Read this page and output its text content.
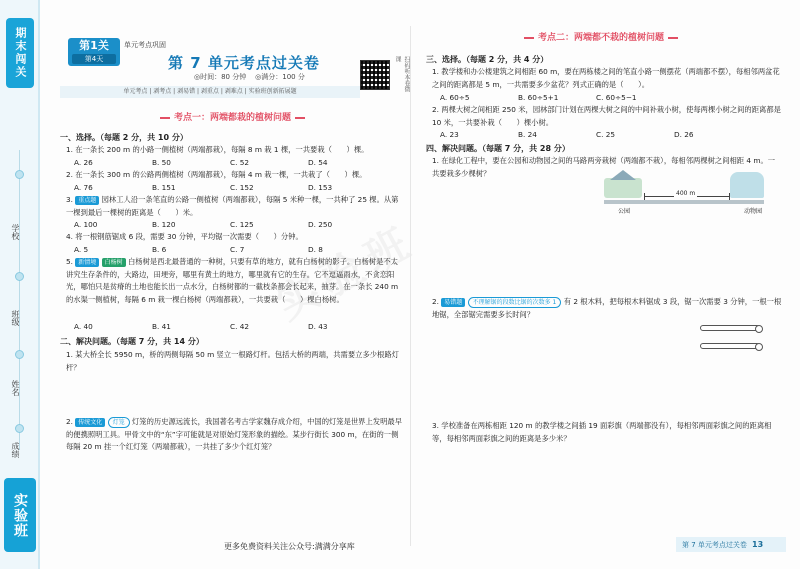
期末闯关
学校
班级
姓名
成绩
实验班
第1关
第4天
单元考点巩固
第 7 单元考点过关卷
◎时间：80 分钟 ◎满分：100 分	扫码听本卷微课
单元考点 | 剥考点 | 剥易错 | 剥重点 | 剥难点 | 实验班创新拓展题
考点一：两端都栽的植树问题
一、选择。（每题 2 分，共 10 分）
1. 在一条长 200 m 的小路一侧植树（两端都栽），每隔 8 m 栽 1 棵，一共要栽（　　）棵。
A. 26	B. 50	C. 52	D. 54
2. 在一条长 300 m 的公路两侧植树（两端都栽），每隔 4 m 栽一棵，一共栽了（　　）棵。
A. 76	B. 151	C. 152	D. 153
3. 重点题 园林工人沿一条笔直的公路一侧植树（两端都栽），每隔 5 米种一棵，一共种了 25 棵。从第一棵到最后一棵树的距离是（　　）米。
A. 100	B. 120	C. 125	D. 250
4. 将一根钢筋锯成 6 段，需要 30 分钟，平均锯一次需要（　　）分钟。
A. 5	B. 6	C. 7	D. 8
5. 新情境 白杨树 白杨树是西北最普通的一种树，只要有草的地方，就有白杨树的影子。白杨树是不太讲究生存条件的，大路边，田埂旁，哪里有黄土的地方，哪里就有它的生存。它不逗逼雨水，不贪恋阳光，哪怕只是贫瘠的土地也能长出一点水分，白杨树都的一截枝条都会长起来，抽芽。在一条长 240 m 的水渠一侧植树，每隔 6 m 栽一棵白杨树（两端都栽），一共要栽（　　）棵白杨树。
A. 40	B. 41	C. 42	D. 43
二、解决问题。（每题 7 分，共 14 分）
1. 某大桥全长 5950 m，桥的两侧每隔 50 m 竖立一根路灯杆。包括大桥的两端，共需要立多少根路灯杆？
2. 传统文化 灯笼 灯笼的历史源远流长，我国著名考古学家魏存成介绍，中国的灯笼是世界上发明最早的便携照明工具。甲骨文中的“东”字可能就是对原始灯笼形象的描绘。某步行街长 300 m，在街的一侧每隔 20 m 挂一个红灯笼（两端都栽），一共挂了多少个红灯笼？
考点二：两端都不栽的植树问题
三、选择。（每题 2 分，共 4 分）
1. 教学楼和办公楼建筑之间相距 60 m，要在两栋楼之间的笔直小路一侧摆花（两端都不摆），每相邻两盆花之间的距离都是 5 m，一共需要多少盆花？列式正确的是（　　）。
A. 60÷5	B. 60÷5+1	C. 60÷5−1
2. 两棵大树之间相距 250 米，园林部门计划在两棵大树之间的中间补栽小树，使每两棵小树之间的距离都是 10 米，一共要补栽（　　）棵小树。
A. 23	B. 24	C. 25	D. 26
四、解决问题。（每题 7 分，共 28 分）
1. 在绿化工程中，要在公园和动物园之间的马路两旁栽树（两端都不栽），每相邻两棵树之间相距 4 m。一共要栽多少棵树？
400 m
公园	动物园
2. 易错题 不理解锯的段数比锯的次数多 1 有 2 根木料，把每根木料锯成 3 段，锯一次需要 3 分钟，一根一根地锯，全部锯完需要多长时间？
3. 学校准备在两栋相距 120 m 的教学楼之间插 19 面彩旗（两端都没有），每相邻两面彩旗之间的距离相等，每相邻两面彩旗之间的距离是多少米？
更多免费资料关注公众号:满满分享库	第 7 单元考点过关卷 13
